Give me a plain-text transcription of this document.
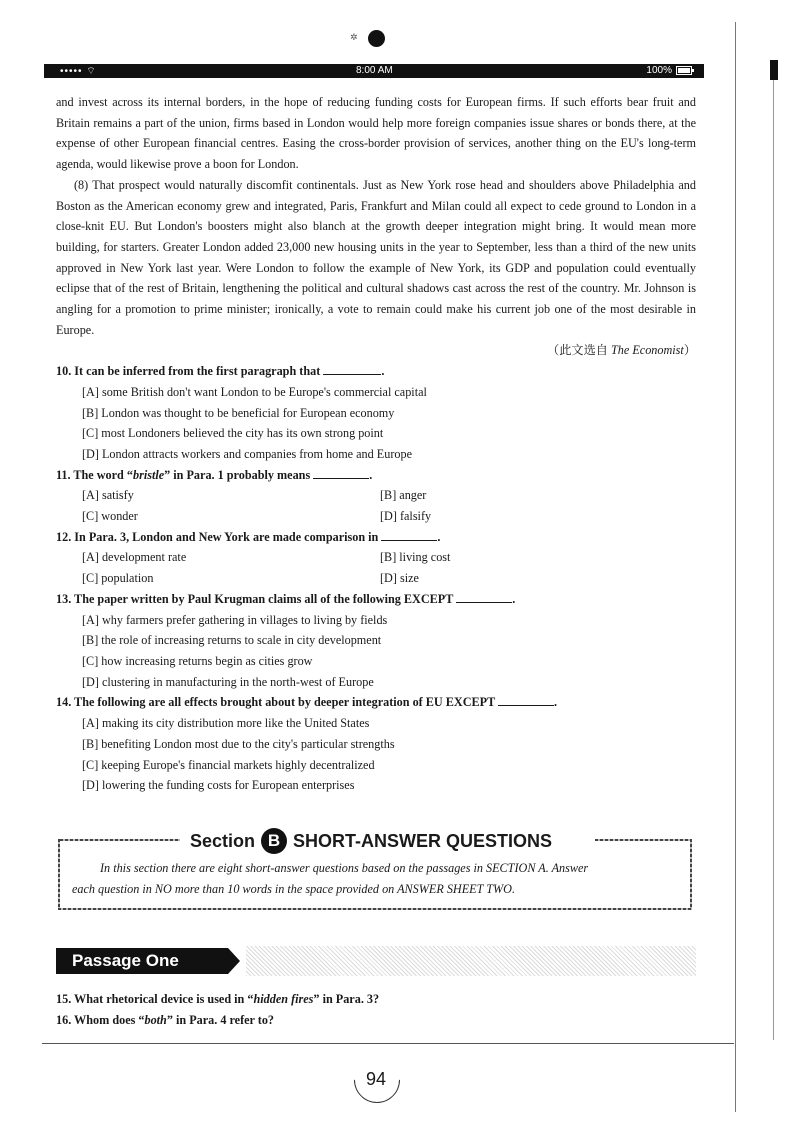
✲
••••• ⌔	8:00 AM	100%

and invest across its internal borders, in the hope of reducing funding costs for European firms. If such efforts bear fruit and Britain remains a part of the union, firms based in London would help more foreign companies issue shares or bonds there, at the expense of other European financial centres. Easing the cross-border provision of services, another thing on the EU's long-term agenda, would likewise prove a boon for London.

(8) That prospect would naturally discomfit continentals. Just as New York rose head and shoulders above Philadelphia and Boston as the American economy grew and integrated, Paris, Frankfurt and Milan could all expect to cede ground to London in a close-knit EU. But London's boosters might also blanch at the growth deeper integration might bring. It would mean more building, for starters. Greater London added 23,000 new housing units in the year to September, less than a third of the new units approved in New York last year. Were London to follow the example of New York, its GDP and population could eventually eclipse that of the rest of Britain, lengthening the political and cultural shadows cast across the rest of the country. Mr. Johnson is angling for a promotion to prime minister; ironically, a vote to remain could make his current job one of the most desirable in Europe.
（此文选自 The Economist）

10. It can be inferred from the first paragraph that	.

[A] some British don't want London to be Europe's commercial capital

[B] London was thought to be beneficial for European economy

[C] most Londoners believed the city has its own strong point

[D] London attracts workers and companies from home and Europe

11. The word “bristle” in Para. 1 probably means	.

[A] satisfy	[B] anger
[C] wonder	[D] falsify

12. In Para. 3, London and New York are made comparison in	.

[A] development rate	[B] living cost
[C] population	[D] size

13. The paper written by Paul Krugman claims all of the following EXCEPT	.

[A] why farmers prefer gathering in villages to living by fields

[B] the role of increasing returns to scale in city development

[C] how increasing returns begin as cities grow

[D] clustering in manufacturing in the north-west of Europe

14. The following are all effects brought about by deeper integration of EU EXCEPT	.

[A] making its city distribution more like the United States

[B] benefiting London most due to the city's particular strengths

[C] keeping Europe's financial markets highly decentralized

[D] lowering the funding costs for European enterprises

Section B SHORT-ANSWER QUESTIONS

In this section there are eight short-answer questions based on the passages in SECTION A. Answer

each question in NO more than 10 words in the space provided on ANSWER SHEET TWO.

Passage One

15. What rhetorical device is used in “hidden fires” in Para. 3?

16. Whom does “both” in Para. 4 refer to?

94
